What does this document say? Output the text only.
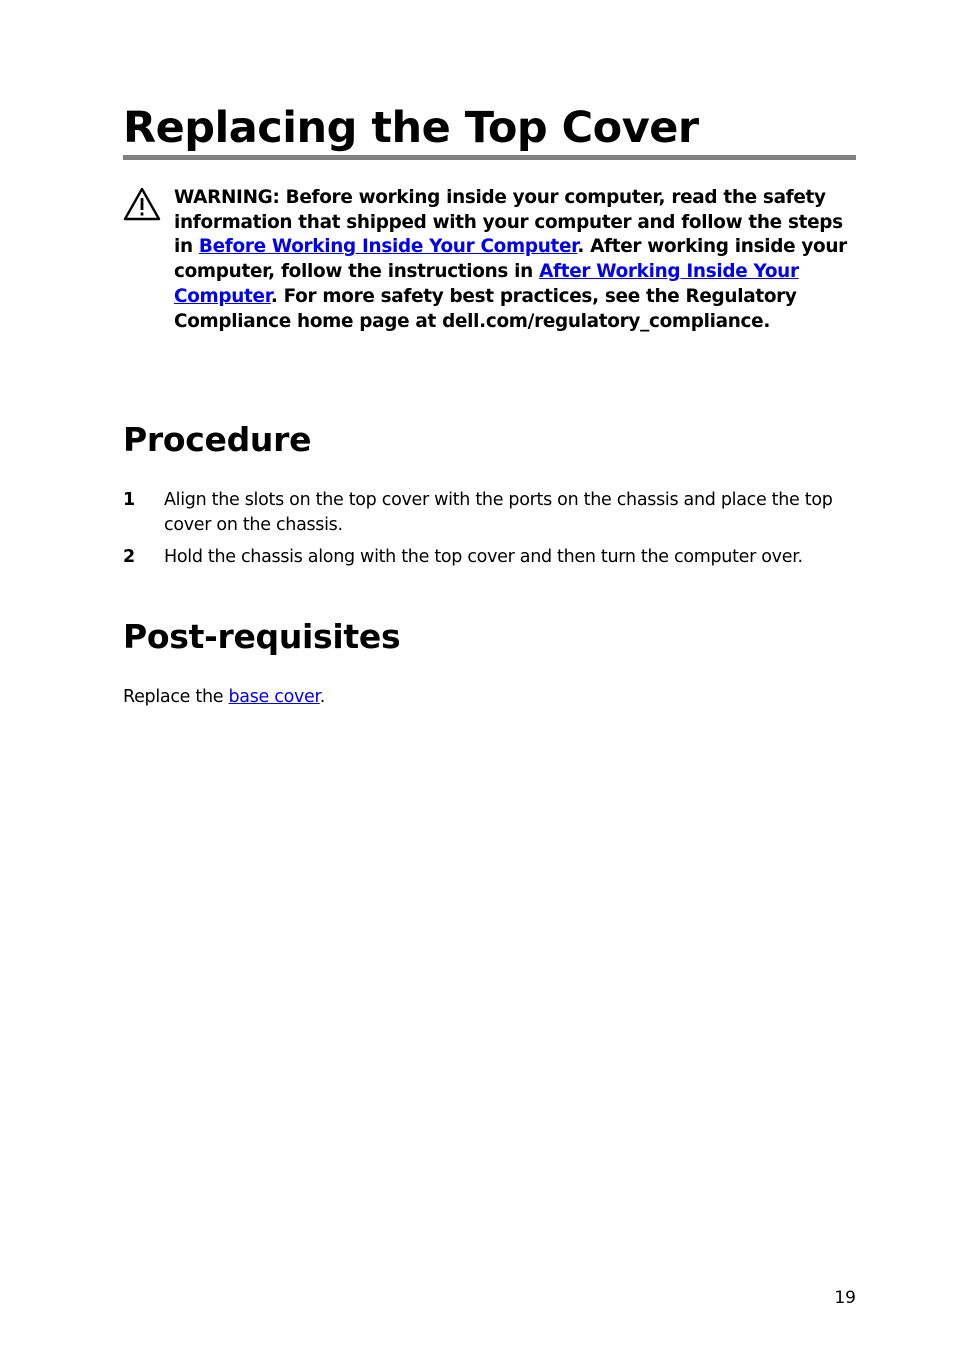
Replacing the Top Cover

WARNING: Before working inside your computer, read the safety information that shipped with your computer and follow the steps in Before Working Inside Your Computer. After working inside your computer, follow the instructions in After Working Inside Your Computer. For more safety best practices, see the Regulatory Compliance home page at dell.com/regulatory_compliance.

Procedure
1 Align the slots on the top cover with the ports on the chassis and place the top cover on the chassis.

2 Hold the chassis along with the top cover and then turn the computer over.

Post-requisites

Replace the base cover.

19
